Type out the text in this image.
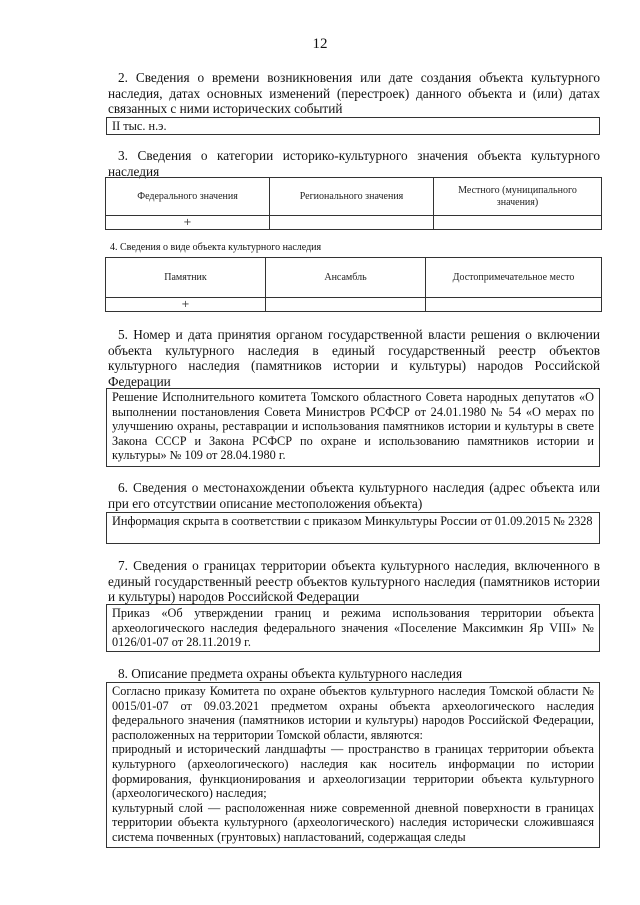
12
2. Сведения о времени возникновения или дате создания объекта культурного наследия, датах основных изменений (перестроек) данного объекта и (или) датах связанных с ними исторических событий

II тыс. н.э.

3. Сведения о категории историко-культурного значения объекта культурного наследия
Федерального значения	Регионального значения	Местного (муниципального значения)
+		
4. Сведения о виде объекта культурного наследия
Памятник	Ансамбль	Достопримечательное место
+		
5. Номер и дата принятия органом государственной власти решения о включении объекта культурного наследия в единый государственный реестр объектов культурного наследия (памятников истории и культуры) народов Российской Федерации

Решение Исполнительного комитета Томского областного Совета народных депутатов «О выполнении постановления Совета Министров РСФСР от 24.01.1980 № 54 «О мерах по улучшению охраны, реставрации и использования памятников истории и культуры в свете Закона СССР и Закона РСФСР по охране и использованию памятников истории и культуры» № 109 от 28.04.1980 г.

6. Сведения о местонахождении объекта культурного наследия (адрес объекта или при его отсутствии описание местоположения объекта)

Информация скрыта в соответствии с приказом Минкультуры России от 01.09.2015 № 2328

7. Сведения о границах территории объекта культурного наследия, включенного в единый государственный реестр объектов культурного наследия (памятников истории и культуры) народов Российской Федерации

Приказ «Об утверждении границ и режима использования территории объекта археологического наследия федерального значения «Поселение Максимкин Яр VIII» № 0126/01-07 от 28.11.2019 г.

8. Описание предмета охраны объекта культурного наследия

Согласно приказу Комитета по охране объектов культурного наследия Томской области № 0015/01-07 от 09.03.2021 предметом охраны объекта археологического наследия федерального значения (памятников истории и культуры) народов Российской Федерации, расположенных на территории Томской области, являются:

природный и исторический ландшафты — пространство в границах территории объекта культурного (археологического) наследия как носитель информации по истории формирования, функционирования и археологизации территории объекта культурного (археологического) наследия;

культурный слой — расположенная ниже современной дневной поверхности в границах территории объекта культурного (археологического) наследия исторически сложившаяся система почвенных (грунтовых) напластований, содержащая следы
